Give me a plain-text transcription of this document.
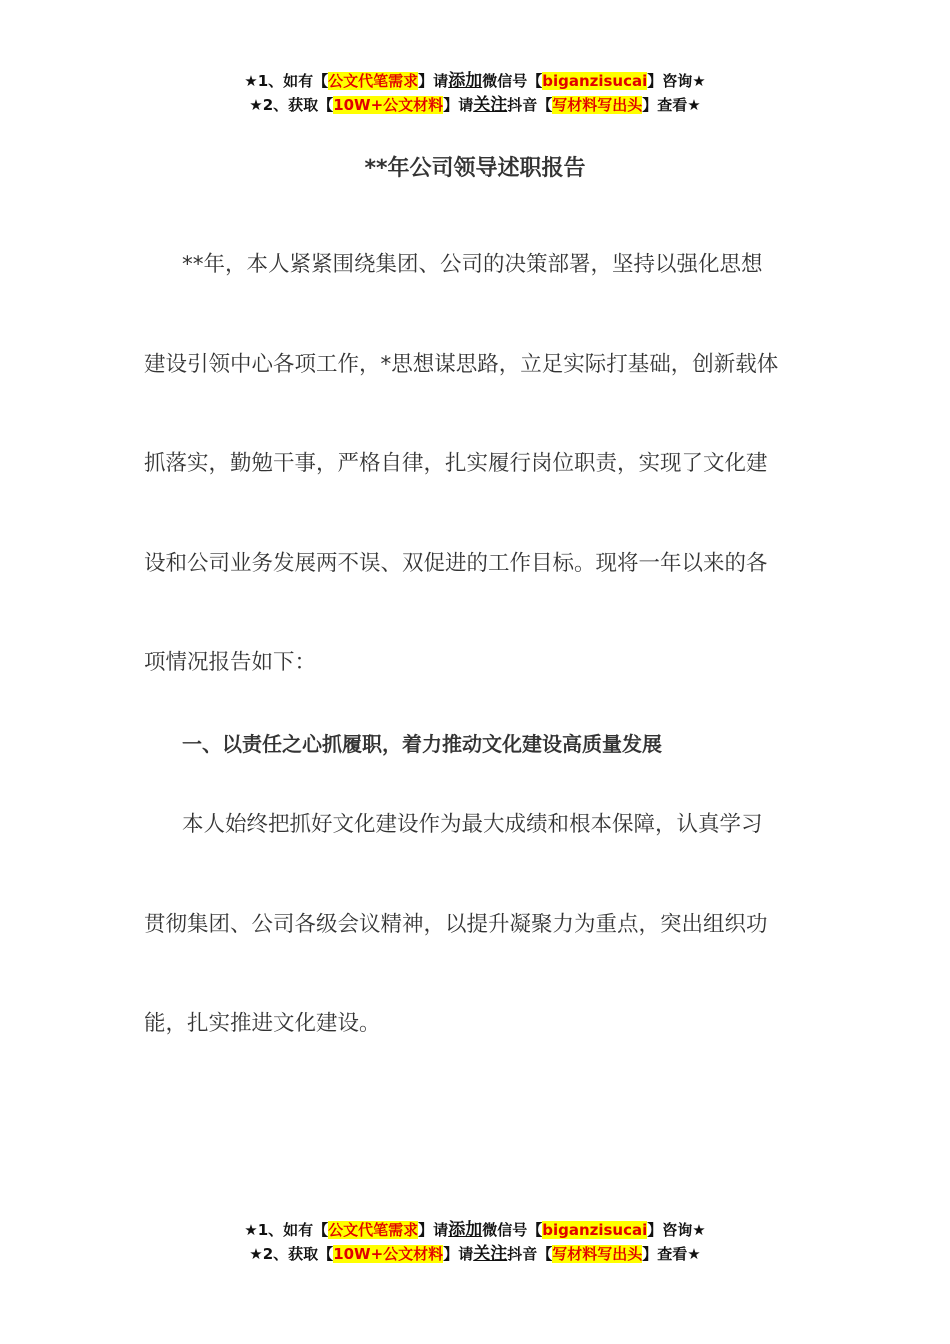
★1、如有【公文代笔需求】请添加微信号【biganzisucai】咨询★
★2、获取【10W+公文材料】请关注抖音【写材料写出头】查看★
**年公司领导述职报告

**年，本人紧紧围绕集团、公司的决策部署，坚持以强化思想
建设引领中心各项工作，*思想谋思路，立足实际打基础，创新载体
抓落实，勤勉干事，严格自律，扎实履行岗位职责，实现了文化建
设和公司业务发展两不误、双促进的工作目标。现将一年以来的各
项情况报告如下：

一、以责任之心抓履职，着力推动文化建设高质量发展

本人始终把抓好文化建设作为最大成绩和根本保障，认真学习
贯彻集团、公司各级会议精神，以提升凝聚力为重点，突出组织功
能，扎实推进文化建设。

★1、如有【公文代笔需求】请添加微信号【biganzisucai】咨询★
★2、获取【10W+公文材料】请关注抖音【写材料写出头】查看★
